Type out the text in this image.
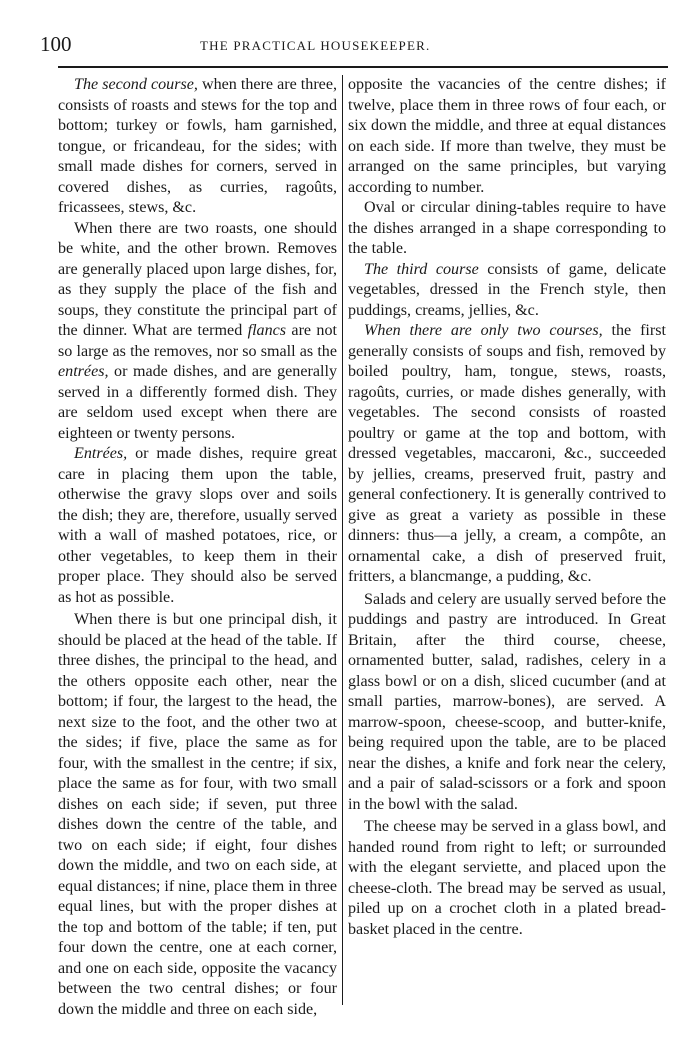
100	THE PRACTICAL HOUSEKEEPER.

The second course, when there are three, consists of roasts and stews for the top and bottom; turkey or fowls, ham garnished, tongue, or fricandeau, for the sides; with small made dishes for corners, served in covered dishes, as curries, ragoûts, fricassees, stews, &c.

When there are two roasts, one should be white, and the other brown. Removes are generally placed upon large dishes, for, as they supply the place of the fish and soups, they constitute the principal part of the dinner. What are termed flancs are not so large as the removes, nor so small as the entrées, or made dishes, and are generally served in a differently formed dish. They are seldom used except when there are eighteen or twenty persons.

Entrées, or made dishes, require great care in placing them upon the table, otherwise the gravy slops over and soils the dish; they are, therefore, usually served with a wall of mashed potatoes, rice, or other vegetables, to keep them in their proper place. They should also be served as hot as possible.

When there is but one principal dish, it should be placed at the head of the table. If three dishes, the principal to the head, and the others opposite each other, near the bottom; if four, the largest to the head, the next size to the foot, and the other two at the sides; if five, place the same as for four, with the smallest in the centre; if six, place the same as for four, with two small dishes on each side; if seven, put three dishes down the centre of the table, and two on each side; if eight, four dishes down the middle, and two on each side, at equal distances; if nine, place them in three equal lines, but with the proper dishes at the top and bottom of the table; if ten, put four down the centre, one at each corner, and one on each side, opposite the vacancy between the two central dishes; or four down the middle and three on each side,

opposite the vacancies of the centre dishes; if twelve, place them in three rows of four each, or six down the middle, and three at equal distances on each side. If more than twelve, they must be arranged on the same principles, but varying according to number.

Oval or circular dining-tables require to have the dishes arranged in a shape corresponding to the table.

The third course consists of game, delicate vegetables, dressed in the French style, then puddings, creams, jellies, &c.

When there are only two courses, the first generally consists of soups and fish, removed by boiled poultry, ham, tongue, stews, roasts, ragoûts, curries, or made dishes generally, with vegetables. The second consists of roasted poultry or game at the top and bottom, with dressed vegetables, maccaroni, &c., succeeded by jellies, creams, preserved fruit, pastry and general confectionery. It is generally contrived to give as great a variety as possible in these dinners: thus—a jelly, a cream, a compôte, an ornamental cake, a dish of preserved fruit, fritters, a blancmange, a pudding, &c.

Salads and celery are usually served before the puddings and pastry are introduced. In Great Britain, after the third course, cheese, ornamented butter, salad, radishes, celery in a glass bowl or on a dish, sliced cucumber (and at small parties, marrow-bones), are served. A marrow-spoon, cheese-scoop, and butter-knife, being required upon the table, are to be placed near the dishes, a knife and fork near the celery, and a pair of salad-scissors or a fork and spoon in the bowl with the salad.

The cheese may be served in a glass bowl, and handed round from right to left; or surrounded with the elegant serviette, and placed upon the cheese-cloth. The bread may be served as usual, piled up on a crochet cloth in a plated bread-basket placed in the centre.
